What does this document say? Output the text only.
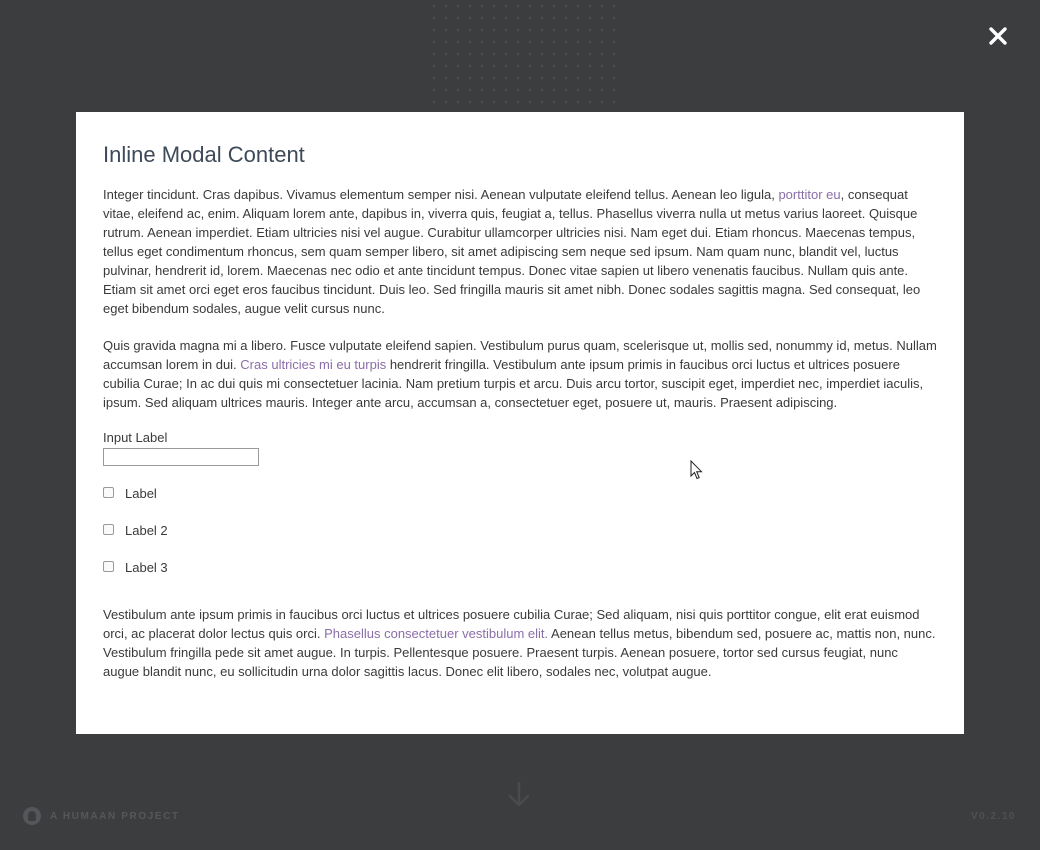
Inline Modal Content

Integer tincidunt. Cras dapibus. Vivamus elementum semper nisi. Aenean vulputate eleifend tellus. Aenean leo ligula, porttitor eu, consequat vitae, eleifend ac, enim. Aliquam lorem ante, dapibus in, viverra quis, feugiat a, tellus. Phasellus viverra nulla ut metus varius laoreet. Quisque rutrum. Aenean imperdiet. Etiam ultricies nisi vel augue. Curabitur ullamcorper ultricies nisi. Nam eget dui. Etiam rhoncus. Maecenas tempus, tellus eget condimentum rhoncus, sem quam semper libero, sit amet adipiscing sem neque sed ipsum. Nam quam nunc, blandit vel, luctus pulvinar, hendrerit id, lorem. Maecenas nec odio et ante tincidunt tempus. Donec vitae sapien ut libero venenatis faucibus. Nullam quis ante. Etiam sit amet orci eget eros faucibus tincidunt. Duis leo. Sed fringilla mauris sit amet nibh. Donec sodales sagittis magna. Sed consequat, leo eget bibendum sodales, augue velit cursus nunc.

Quis gravida magna mi a libero. Fusce vulputate eleifend sapien. Vestibulum purus quam, scelerisque ut, mollis sed, nonummy id, metus. Nullam accumsan lorem in dui. Cras ultricies mi eu turpis hendrerit fringilla. Vestibulum ante ipsum primis in faucibus orci luctus et ultrices posuere cubilia Curae; In ac dui quis mi consectetuer lacinia. Nam pretium turpis et arcu. Duis arcu tortor, suscipit eget, imperdiet nec, imperdiet iaculis, ipsum. Sed aliquam ultrices mauris. Integer ante arcu, accumsan a, consectetuer eget, posuere ut, mauris. Praesent adipiscing.

Input Label
Label
Label 2
Label 3

Vestibulum ante ipsum primis in faucibus orci luctus et ultrices posuere cubilia Curae; Sed aliquam, nisi quis porttitor congue, elit erat euismod orci, ac placerat dolor lectus quis orci. Phasellus consectetuer vestibulum elit. Aenean tellus metus, bibendum sed, posuere ac, mattis non, nunc. Vestibulum fringilla pede sit amet augue. In turpis. Pellentesque posuere. Praesent turpis. Aenean posuere, tortor sed cursus feugiat, nunc augue blandit nunc, eu sollicitudin urna dolor sagittis lacus. Donec elit libero, sodales nec, volutpat augue.

A HUMAAN PROJECT	V0.2.10
